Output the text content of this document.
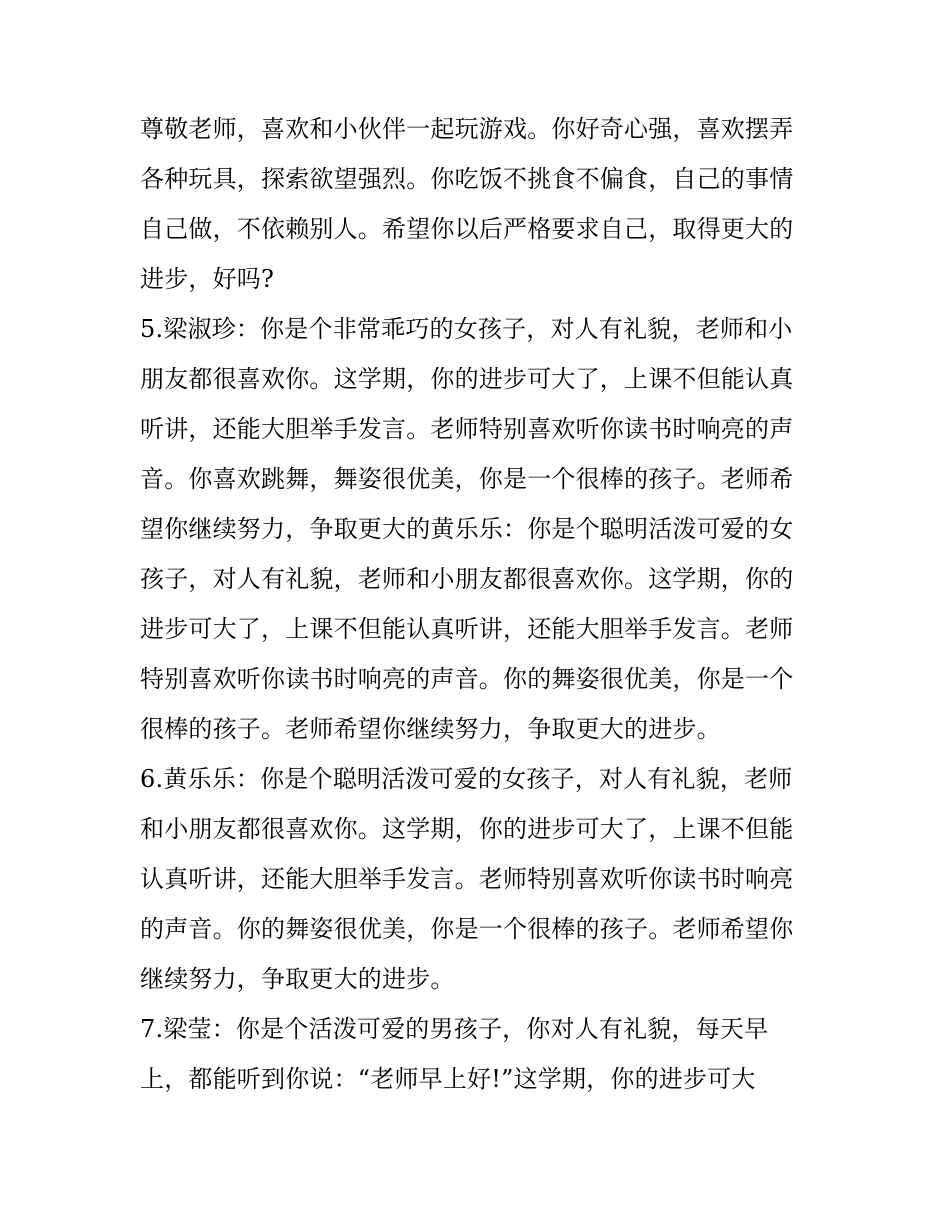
尊敬老师，喜欢和小伙伴一起玩游戏。你好奇心强，喜欢摆弄
各种玩具，探索欲望强烈。你吃饭不挑食不偏食，自己的事情
自己做，不依赖别人。希望你以后严格要求自己，取得更大的
进步，好吗?
5.梁淑珍：你是个非常乖巧的女孩子，对人有礼貌，老师和小
朋友都很喜欢你。这学期，你的进步可大了，上课不但能认真
听讲，还能大胆举手发言。老师特别喜欢听你读书时响亮的声
音。你喜欢跳舞，舞姿很优美，你是一个很棒的孩子。老师希
望你继续努力，争取更大的黄乐乐：你是个聪明活泼可爱的女
孩子，对人有礼貌，老师和小朋友都很喜欢你。这学期，你的
进步可大了，上课不但能认真听讲，还能大胆举手发言。老师
特别喜欢听你读书时响亮的声音。你的舞姿很优美，你是一个
很棒的孩子。老师希望你继续努力，争取更大的进步。
6.黄乐乐：你是个聪明活泼可爱的女孩子，对人有礼貌，老师
和小朋友都很喜欢你。这学期，你的进步可大了，上课不但能
认真听讲，还能大胆举手发言。老师特别喜欢听你读书时响亮
的声音。你的舞姿很优美，你是一个很棒的孩子。老师希望你
继续努力，争取更大的进步。
7.梁莹：你是个活泼可爱的男孩子，你对人有礼貌，每天早
上，都能听到你说：“老师早上好!”这学期，你的进步可大
